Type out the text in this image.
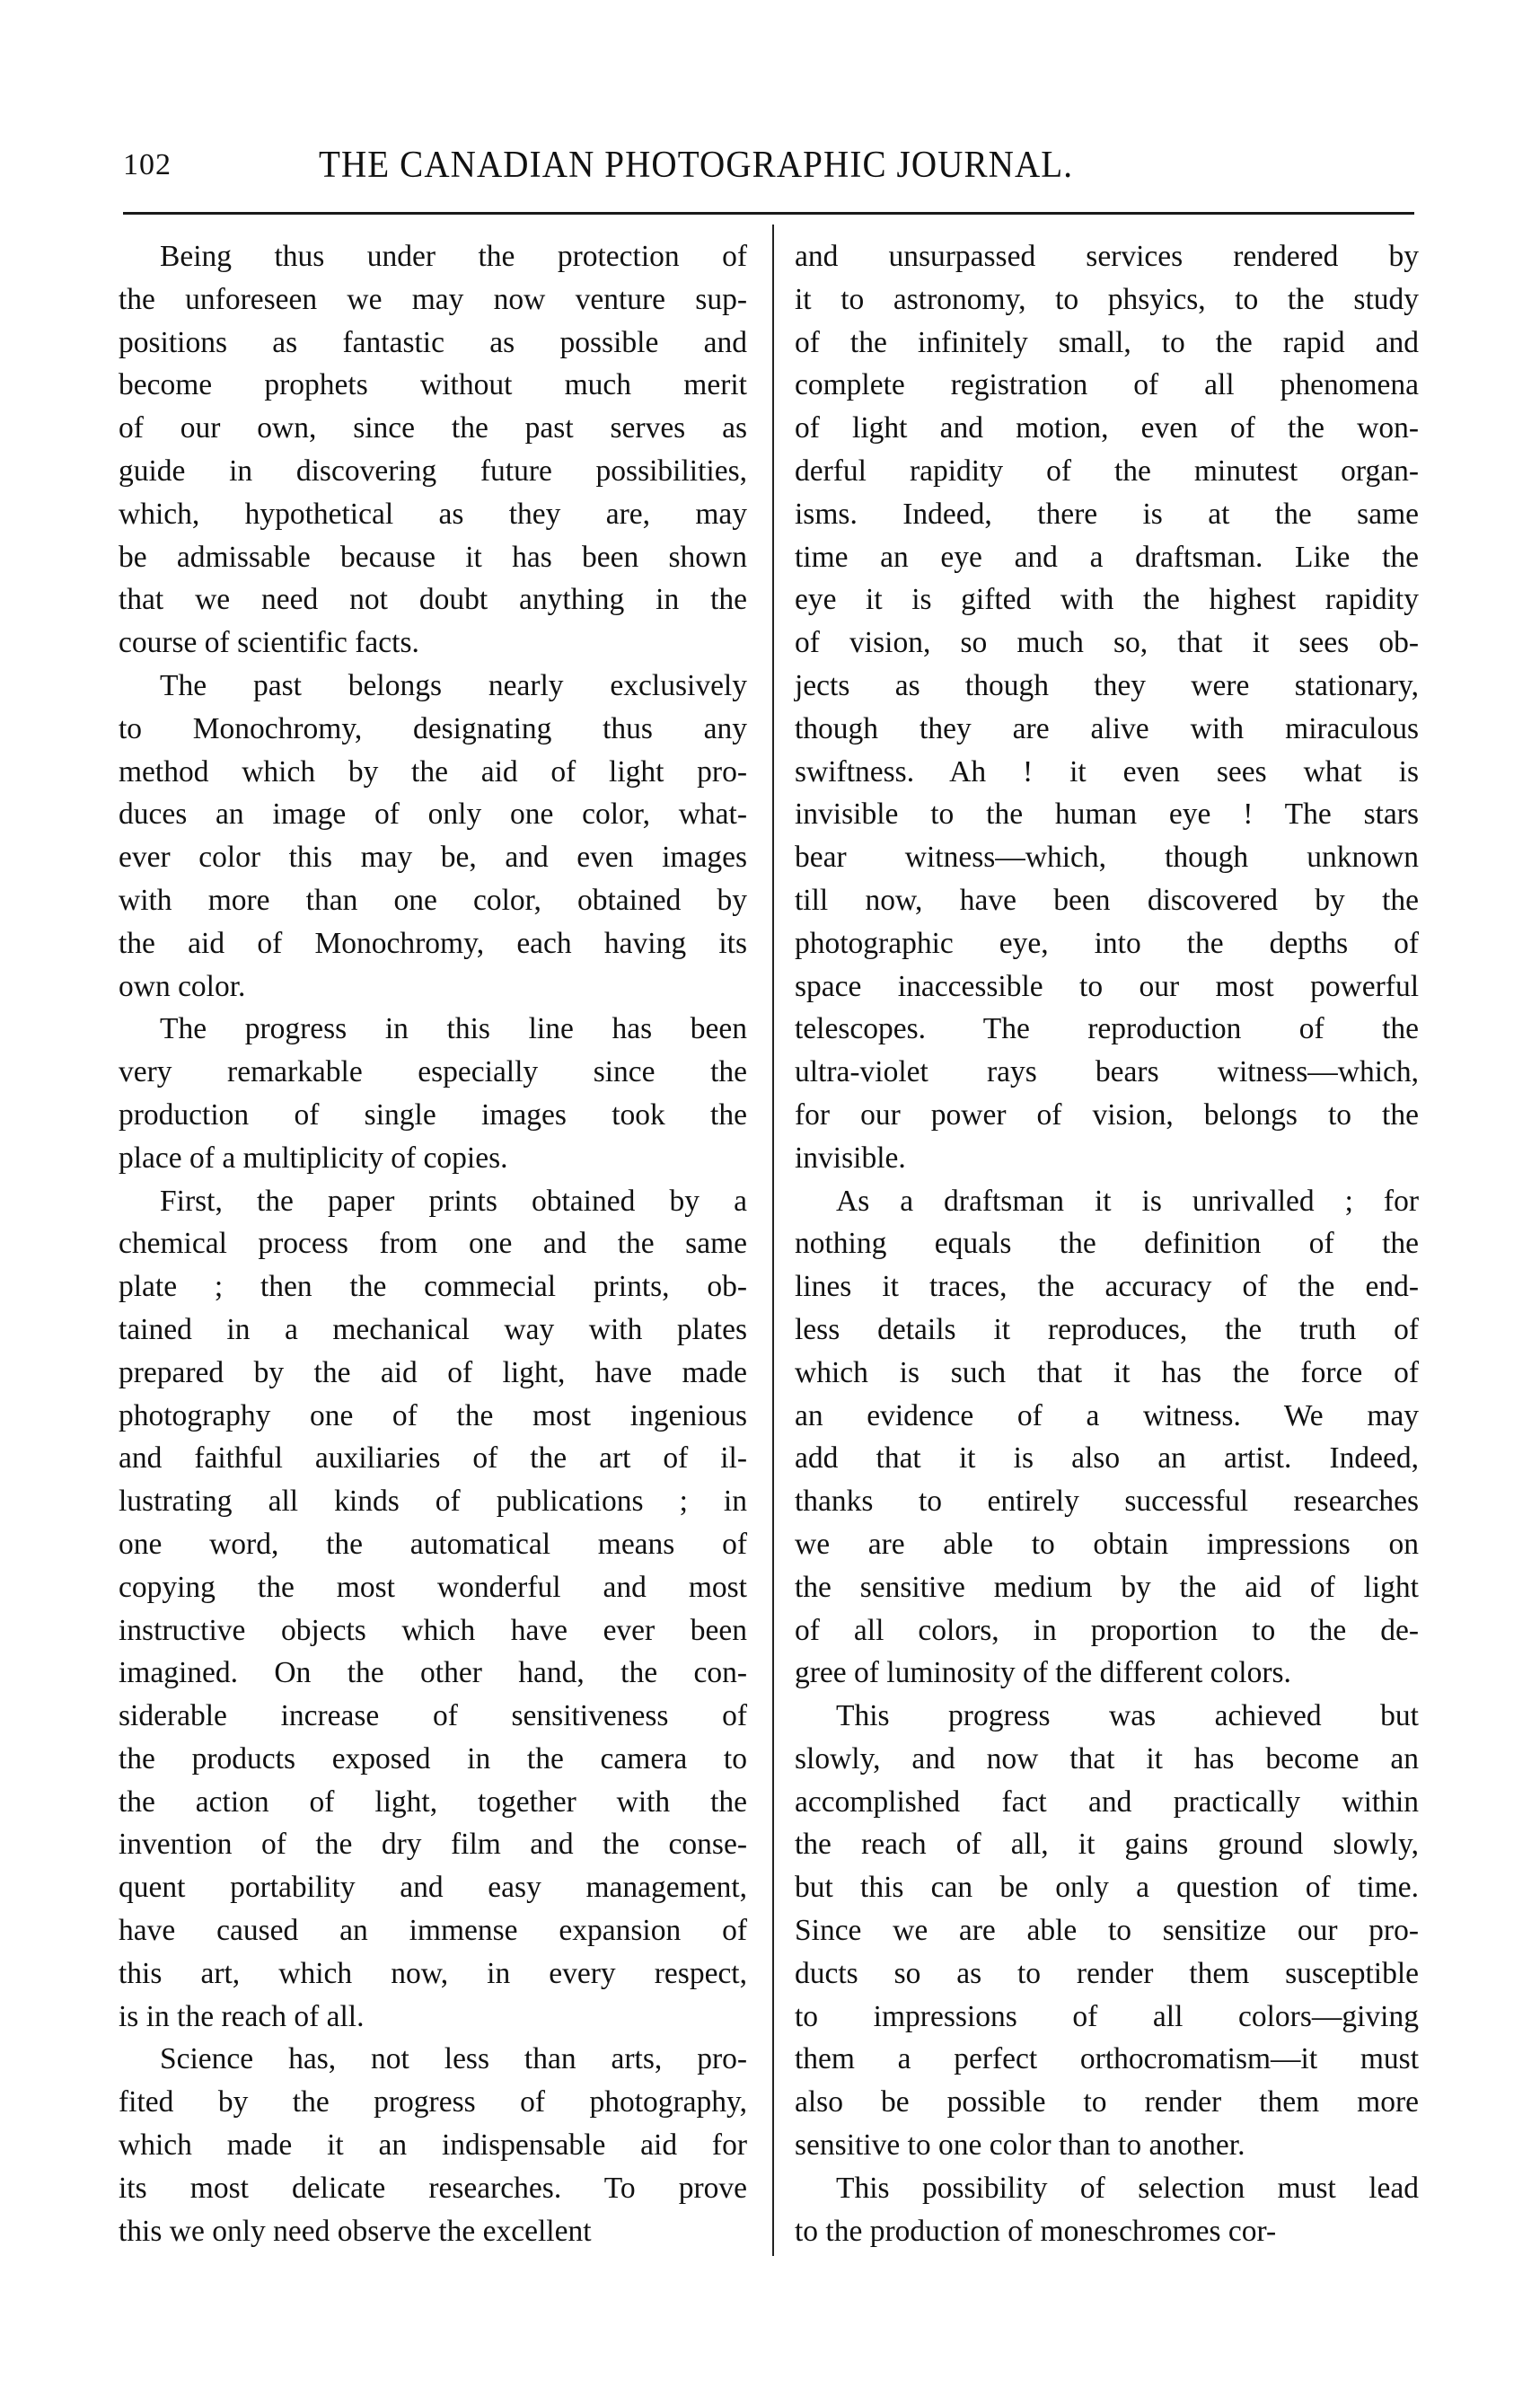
102	THE CANADIAN PHOTOGRAPHIC JOURNAL.

Being thus under the protection of
the unforeseen we may now venture sup-
positions as fantastic as possible and
become prophets without much merit
of our own, since the past serves as
guide in discovering future possibilities,
which, hypothetical as they are, may
be admissable because it has been shown
that we need not doubt anything in the
course of scientific facts.

The past belongs nearly exclusively
to Monochromy, designating thus any
method which by the aid of light pro-
duces an image of only one color, what-
ever color this may be, and even images
with more than one color, obtained by
the aid of Monochromy, each having its
own color.

The progress in this line has been
very remarkable especially since the
production of single images took the
place of a multiplicity of copies.

First, the paper prints obtained by a
chemical process from one and the same
plate ; then the commecial prints, ob-
tained in a mechanical way with plates
prepared by the aid of light, have made
photography one of the most ingenious
and faithful auxiliaries of the art of il-
lustrating all kinds of publications ; in
one word, the automatical means of
copying the most wonderful and most
instructive objects which have ever been
imagined. On the other hand, the con-
siderable increase of sensitiveness of
the products exposed in the camera to
the action of light, together with the
invention of the dry film and the conse-
quent portability and easy management,
have caused an immense expansion of
this art, which now, in every respect,
is in the reach of all.

Science has, not less than arts, pro-
fited by the progress of photography,
which made it an indispensable aid for
its most delicate researches. To prove
this we only need observe the excellent

and unsurpassed services rendered by
it to astronomy, to phsyics, to the study
of the infinitely small, to the rapid and
complete registration of all phenomena
of light and motion, even of the won-
derful rapidity of the minutest organ-
isms. Indeed, there is at the same
time an eye and a draftsman. Like the
eye it is gifted with the highest rapidity
of vision, so much so, that it sees ob-
jects as though they were stationary,
though they are alive with miraculous
swiftness. Ah ! it even sees what is
invisible to the human eye ! The stars
bear witness—which, though unknown
till now, have been discovered by the
photographic eye, into the depths of
space inaccessible to our most powerful
telescopes. The reproduction of the
ultra-violet rays bears witness—which,
for our power of vision, belongs to the
invisible.

As a draftsman it is unrivalled ; for
nothing equals the definition of the
lines it traces, the accuracy of the end-
less details it reproduces, the truth of
which is such that it has the force of
an evidence of a witness. We may
add that it is also an artist. Indeed,
thanks to entirely successful researches
we are able to obtain impressions on
the sensitive medium by the aid of light
of all colors, in proportion to the de-
gree of luminosity of the different colors.

This progress was achieved but
slowly, and now that it has become an
accomplished fact and practically within
the reach of all, it gains ground slowly,
but this can be only a question of time.
Since we are able to sensitize our pro-
ducts so as to render them susceptible
to impressions of all colors—giving
them a perfect orthocromatism—it must
also be possible to render them more
sensitive to one color than to another.

This possibility of selection must lead
to the production of moneschromes cor-
